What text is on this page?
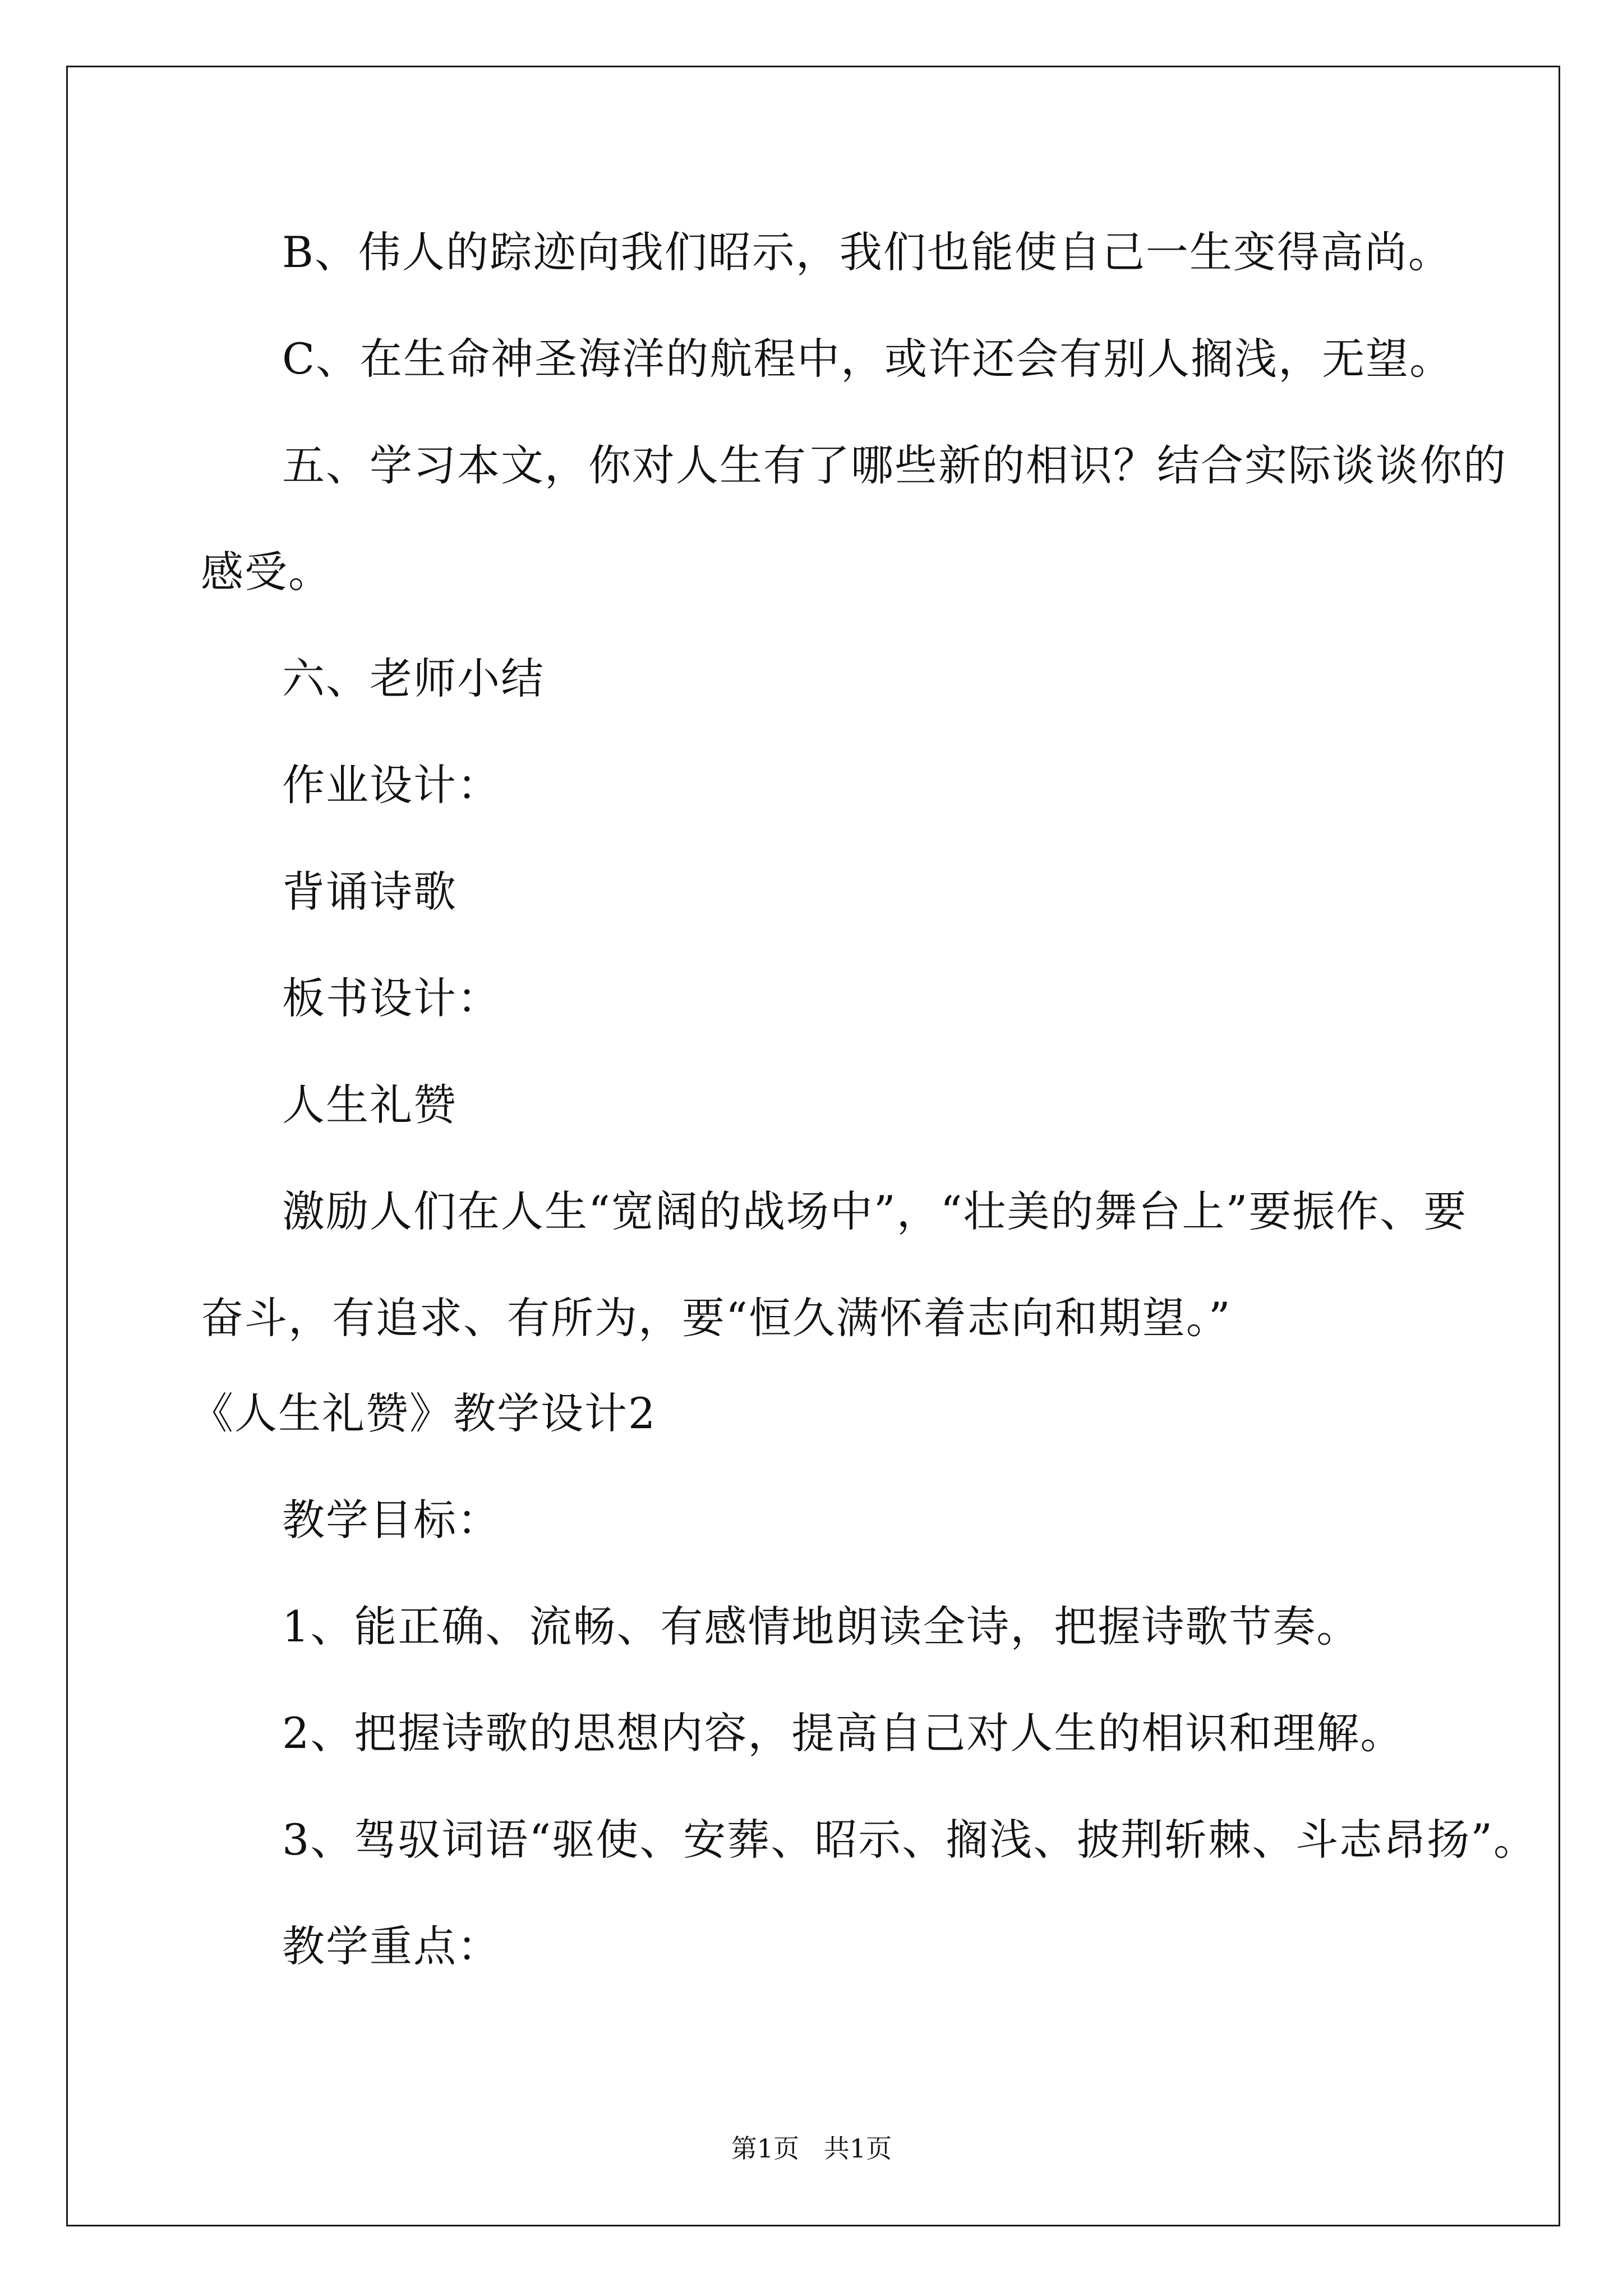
B、伟人的踪迹向我们昭示，我们也能使自己一生变得高尚。
C、在生命神圣海洋的航程中，或许还会有别人搁浅，无望。
五、学习本文，你对人生有了哪些新的相识？结合实际谈谈你的
感受。
六、老师小结
作业设计：
背诵诗歌
板书设计：
人生礼赞
激励人们在人生“宽阔的战场中”，“壮美的舞台上”要振作、要
奋斗，有追求、有所为，要“恒久满怀着志向和期望。”
《人生礼赞》教学设计2
教学目标：
1、能正确、流畅、有感情地朗读全诗，把握诗歌节奏。
2、把握诗歌的思想内容，提高自己对人生的相识和理解。
3、驾驭词语“驱使、安葬、昭示、搁浅、披荆斩棘、斗志昂扬”。
教学重点：
第1页   共1页
